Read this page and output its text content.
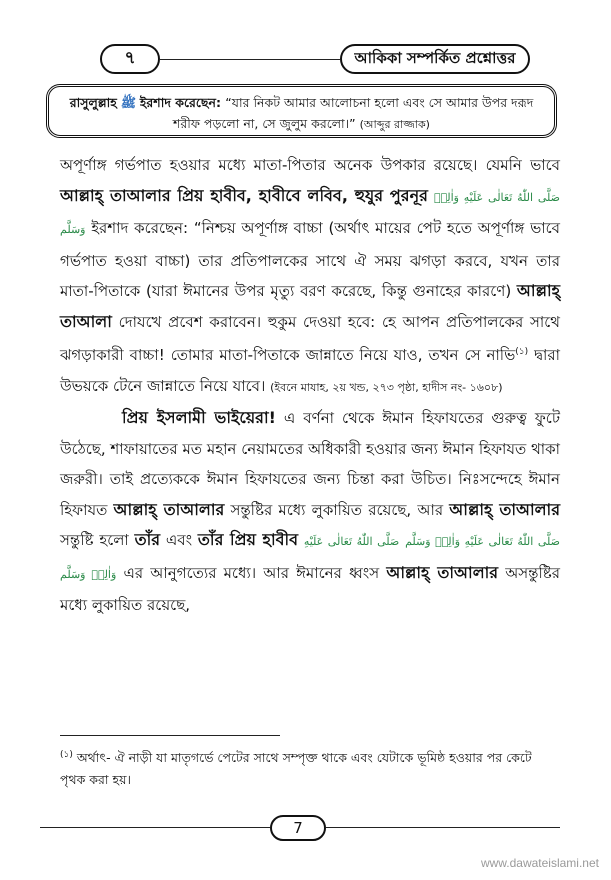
৭	আকিকা সম্পর্কিত প্রশ্নোত্তর
রাসুলুল্লাহ ﷺ ইরশাদ করেছেন: “যার নিকট আমার আলোচনা হলো এবং সে আমার উপর দরূদ শরীফ পড়লো না, সে জুলুম করলো।” (আব্দুর রাজ্জাক)
অপূর্ণাঙ্গ গর্ভপাত হওয়ার মধ্যে মাতা-পিতার অনেক উপকার রয়েছে। যেমনি ভাবে আল্লাহ্ তাআলার প্রিয় হাবীব, হাবীবে লবিব, হুযুর পুরনূর صَلَّى اللّٰهُ تَعَالٰى عَلَيْهِ وَاٰلِهٖ وَسَلَّم ইরশাদ করেছেন: “নিশ্চয় অপূর্ণাঙ্গ বাচ্চা (অর্থাৎ মায়ের পেট হতে অপূর্ণাঙ্গ ভাবে গর্ভপাত হওয়া বাচ্চা) তার প্রতিপালকের সাথে ঐ সময় ঝগড়া করবে, যখন তার মাতা-পিতাকে (যারা ঈমানের উপর মৃত্যু বরণ করেছে, কিন্তু গুনাহের কারণে) আল্লাহ্ তাআলা দোযখে প্রবেশ করাবেন। হুকুম দেওয়া হবে: হে আপন প্রতিপালকের সাথে ঝগড়াকারী বাচ্চা! তোমার মাতা-পিতাকে জান্নাতে নিয়ে যাও, তখন সে নাভি$^{(১)}$ দ্বারা উভয়কে টেনে জান্নাতে নিয়ে যাবে। (ইবনে মাযাহ, ২য় খন্ড, ২৭৩ পৃষ্ঠা, হাদীস নং- ১৬০৮)
প্রিয় ইসলামী ভাইয়েরা! এ বর্ণনা থেকে ঈমান হিফাযতের গুরুত্ব ফুটে উঠেছে, শাফায়াতের মত মহান নেয়ামতের অধিকারী হওয়ার জন্য ঈমান হিফাযত থাকা জরুরী। তাই প্রত্যেককে ঈমান হিফাযতের জন্য চিন্তা করা উচিত। নিঃসন্দেহে ঈমান হিফাযত আল্লাহ্ তাআলার সন্তুষ্টির মধ্যে লুকায়িত রয়েছে, আর আল্লাহ্ তাআলার সন্তুষ্টি হলো তাঁর এবং তাঁর প্রিয় হাবীব	صَلَّى اللّٰهُ تَعَالٰى عَلَيْهِ وَاٰلِهٖ وَسَلَّم صَلَّى اللّٰهُ تَعَالٰى عَلَيْهِ وَاٰلِهٖ وَسَلَّم এর আনুগত্যের মধ্যে। আর ঈমানের ধ্বংস আল্লাহ্ তাআলার অসন্তুষ্টির মধ্যে লুকায়িত রয়েছে,
$^{(১)}$ অর্থাৎ- ঐ নাড়ী যা মাতৃগর্ভে পেটের সাথে সম্পৃক্ত থাকে এবং যেটাকে ভূমিষ্ঠ হওয়ার পর কেটে পৃথক করা হয়।
7
www.dawateislami.net
